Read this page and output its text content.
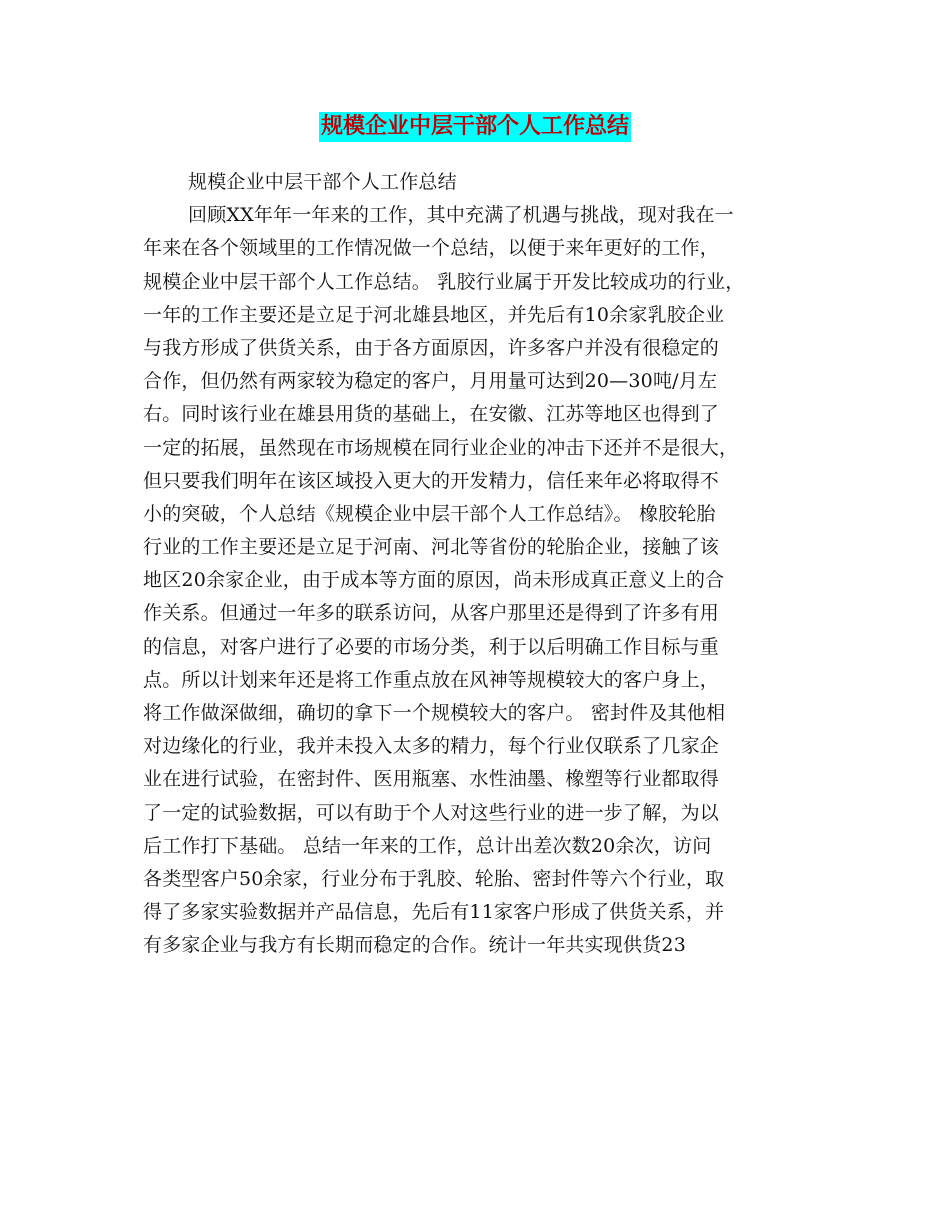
规模企业中层干部个人工作总结
规模企业中层干部个人工作总结
回顾XX年年一年来的工作，其中充满了机遇与挑战，现对我在一
年来在各个领域里的工作情况做一个总结，以便于来年更好的工作，
规模企业中层干部个人工作总结。 乳胶行业属于开发比较成功的行业，
一年的工作主要还是立足于河北雄县地区，并先后有10余家乳胶企业
与我方形成了供货关系，由于各方面原因，许多客户并没有很稳定的
合作，但仍然有两家较为稳定的客户，月用量可达到20—30吨/月左
右。同时该行业在雄县用货的基础上，在安徽、江苏等地区也得到了
一定的拓展，虽然现在市场规模在同行业企业的冲击下还并不是很大，
但只要我们明年在该区域投入更大的开发精力，信任来年必将取得不
小的突破，个人总结《规模企业中层干部个人工作总结》。 橡胶轮胎
行业的工作主要还是立足于河南、河北等省份的轮胎企业，接触了该
地区20余家企业，由于成本等方面的原因，尚未形成真正意义上的合
作关系。但通过一年多的联系访问，从客户那里还是得到了许多有用
的信息，对客户进行了必要的市场分类，利于以后明确工作目标与重
点。所以计划来年还是将工作重点放在风神等规模较大的客户身上，
将工作做深做细，确切的拿下一个规模较大的客户。 密封件及其他相
对边缘化的行业，我并未投入太多的精力，每个行业仅联系了几家企
业在进行试验，在密封件、医用瓶塞、水性油墨、橡塑等行业都取得
了一定的试验数据，可以有助于个人对这些行业的进一步了解，为以
后工作打下基础。 总结一年来的工作，总计出差次数20余次，访问
各类型客户50余家，行业分布于乳胶、轮胎、密封件等六个行业，取
得了多家实验数据并产品信息，先后有11家客户形成了供货关系，并
有多家企业与我方有长期而稳定的合作。统计一年共实现供货23
